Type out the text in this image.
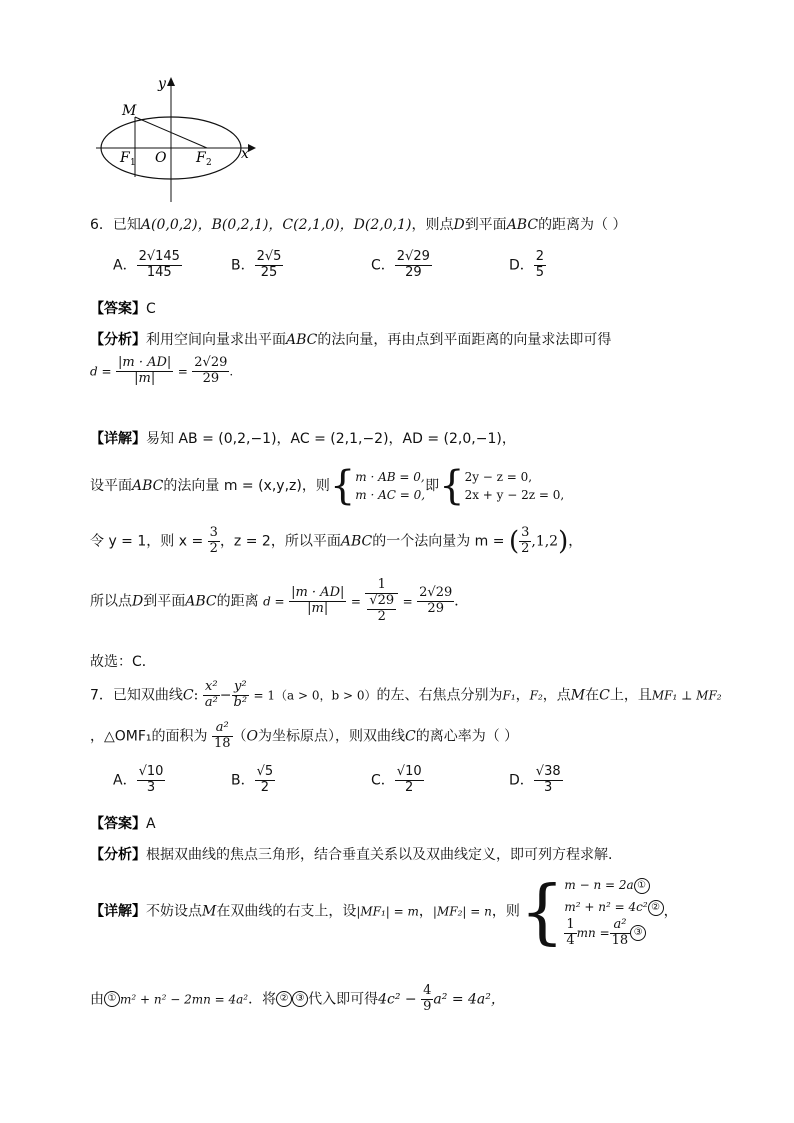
y
x
M
F 1 O F 2
6．已知A(0,0,2)，B(0,2,1)，C(2,1,0)，D(2,0,1)，则点D到平面ABC的距离为（ ）
A． $\frac{2√145}{145}$	B． $\frac{2√5}{25}$	C． $\frac{2√29}{29}$	D． $\frac{2}{5}$
【答案】C
【分析】利用空间向量求出平面ABC的法向量，再由点到平面距离的向量求法即可得
$d = \frac{|m \cdot AD|}{|m|} = \frac{2√29}{29}$ .
【详解】易知 AB = (0,2,−1)，AC = (2,1,−2)，AD = (2,0,−1)，
设平面ABC的法向量 m = (x,y,z)，则{ m · AB = 0,
m · AC = 0,
即{ 2y − z = 0,
2x + y − 2z = 0,
令 y = 1，则 $x = \frac{3}{2}$ ，z = 2，所以平面ABC的一个法向量为 m = ( $\frac{3}{2} ,1,2$)，
所以点D到平面ABC的距离 $d = \frac{|m \cdot AD|}{|m|} = \frac{1}{\frac{√29}{2}} = \frac{2√29}{29}$ ．
故选：C．
7．已知双曲线C: $\frac{\text{x²}}{\text{a²}} - \frac{\text{y²}}{\text{b²}} = 1(a > 0$，b > 0）的左、右焦点分别为F₁，F₂，点M在C上，且MF₁ ⊥ MF₂
，△OMF₁的面积为 $\frac{\text{a²}}{18} (O$为坐标原点），则双曲线C的离心率为（ ）
A． $\frac{√10}{3}$	B． $\frac{√5}{2}$	C． $\frac{√10}{2}$	D． $\frac{√38}{3}$
【答案】A
【分析】根据双曲线的焦点三角形，结合垂直关系以及双曲线定义，即可列方程求解.
【详解】不妨设点M在双曲线的右支上，设|MF₁| = m，|MF₂| = n，则{ m − n = 2a ①
m² + n² = 4c² ②
$\frac{1}{4}$ mn = $\frac{\text{a²}}{18}$ ③
，
由 ① m² + n² − 2mn = 4a²．将 ② ③ 代入即可得$4c^2 - \frac{4}{9} a^2 = 4a^2$，
